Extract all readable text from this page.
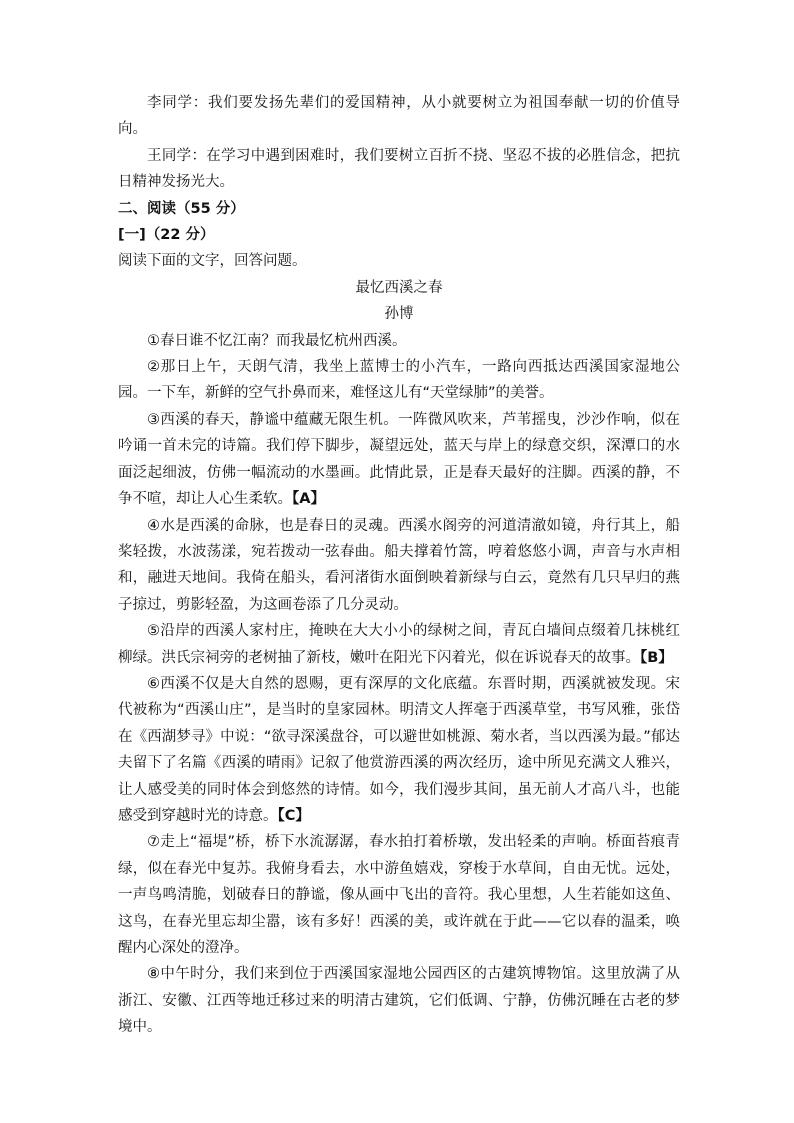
李同学：我们要发扬先辈们的爱国精神，从小就要树立为祖国奉献一切的价值导向。

王同学：在学习中遇到困难时，我们要树立百折不挠、坚忍不拔的必胜信念，把抗日精神发扬光大。

二、阅读（55 分）

[一]（22 分）

阅读下面的文字，回答问题。

最忆西溪之春

孙博

①春日谁不忆江南？而我最忆杭州西溪。

②那日上午，天朗气清，我坐上蓝博士的小汽车，一路向西抵达西溪国家湿地公园。一下车，新鲜的空气扑鼻而来，难怪这儿有“天堂绿肺”的美誉。

③西溪的春天，静谧中蕴藏无限生机。一阵微风吹来，芦苇摇曳，沙沙作响，似在吟诵一首未完的诗篇。我们停下脚步，凝望远处，蓝天与岸上的绿意交织，深潭口的水面泛起细波，仿佛一幅流动的水墨画。此情此景，正是春天最好的注脚。西溪的静，不争不喧，却让人心生柔软。【A】

④水是西溪的命脉，也是春日的灵魂。西溪水阁旁的河道清澈如镜，舟行其上，船桨轻拨，水波荡漾，宛若拨动一弦春曲。船夫撑着竹篙，哼着悠悠小调，声音与水声相和，融进天地间。我倚在船头，看河渚街水面倒映着新绿与白云，竟然有几只早归的燕子掠过，剪影轻盈，为这画卷添了几分灵动。

⑤沿岸的西溪人家村庄，掩映在大大小小的绿树之间，青瓦白墙间点缀着几抹桃红柳绿。洪氏宗祠旁的老树抽了新枝，嫩叶在阳光下闪着光，似在诉说春天的故事。【B】

⑥西溪不仅是大自然的恩赐，更有深厚的文化底蕴。东晋时期，西溪就被发现。宋代被称为“西溪山庄”，是当时的皇家园林。明清文人挥毫于西溪草堂，书写风雅，张岱在《西湖梦寻》中说：“欲寻深溪盘谷，可以避世如桃源、菊水者，当以西溪为最。”郁达夫留下了名篇《西溪的晴雨》记叙了他赏游西溪的两次经历，途中所见充满文人雅兴，让人感受美的同时体会到悠然的诗情。如今，我们漫步其间，虽无前人才高八斗，也能感受到穿越时光的诗意。【C】

⑦走上“福堤”桥，桥下水流潺潺，春水拍打着桥墩，发出轻柔的声响。桥面苔痕青绿，似在春光中复苏。我俯身看去，水中游鱼嬉戏，穿梭于水草间，自由无忧。远处，一声鸟鸣清脆，划破春日的静谧，像从画中飞出的音符。我心里想，人生若能如这鱼、这鸟，在春光里忘却尘嚣，该有多好！西溪的美，或许就在于此——它以春的温柔，唤醒内心深处的澄净。

⑧中午时分，我们来到位于西溪国家湿地公园西区的古建筑博物馆。这里放满了从浙江、安徽、江西等地迁移过来的明清古建筑，它们低调、宁静，仿佛沉睡在古老的梦境中。
